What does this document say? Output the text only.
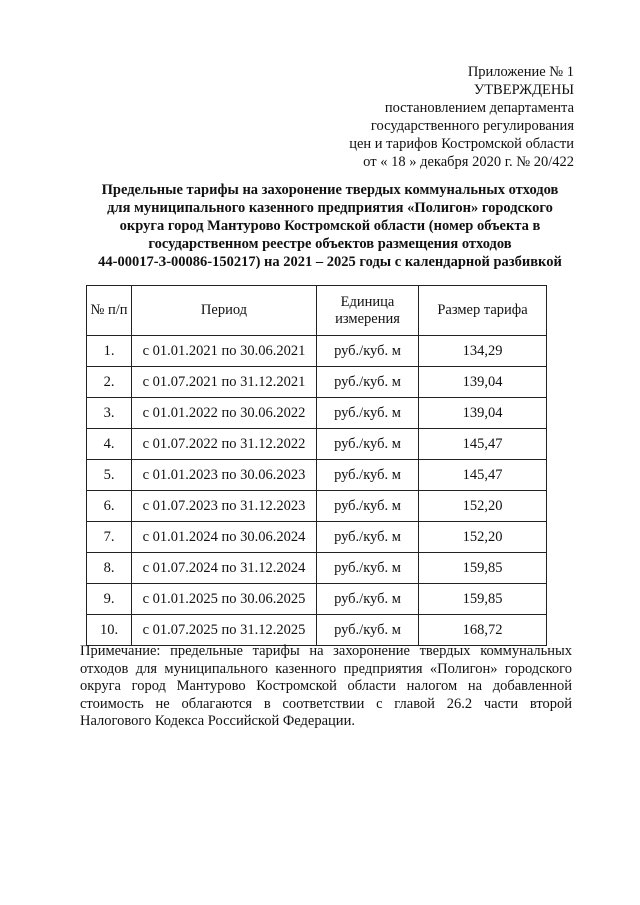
Приложение № 1
УТВЕРЖДЕНЫ
постановлением департамента
государственного регулирования
цен и тарифов Костромской области
от « 18 » декабря 2020 г. № 20/422
Предельные тарифы на захоронение твердых коммунальных отходов
для муниципального казенного предприятия «Полигон» городского
округа город Мантурово Костромской области (номер объекта в
государственном реестре объектов размещения отходов
44-00017-З-00086-150217) на 2021 – 2025 годы с календарной разбивкой
№ п/п	Период	Единица
измерения	Размер тарифа
1.	с 01.01.2021 по 30.06.2021	руб./куб. м	134,29
2.	с 01.07.2021 по 31.12.2021	руб./куб. м	139,04
3.	с 01.01.2022 по 30.06.2022	руб./куб. м	139,04
4.	с 01.07.2022 по 31.12.2022	руб./куб. м	145,47
5.	с 01.01.2023 по 30.06.2023	руб./куб. м	145,47
6.	с 01.07.2023 по 31.12.2023	руб./куб. м	152,20
7.	с 01.01.2024 по 30.06.2024	руб./куб. м	152,20
8.	с 01.07.2024 по 31.12.2024	руб./куб. м	159,85
9.	с 01.01.2025 по 30.06.2025	руб./куб. м	159,85
10.	с 01.07.2025 по 31.12.2025	руб./куб. м	168,72
Примечание: предельные тарифы на захоронение твердых коммунальных отходов для муниципального казенного предприятия «Полигон» городского округа город Мантурово Костромской области налогом на добавленной стоимость не облагаются в соответствии с главой 26.2 части второй Налогового Кодекса Российской Федерации.
